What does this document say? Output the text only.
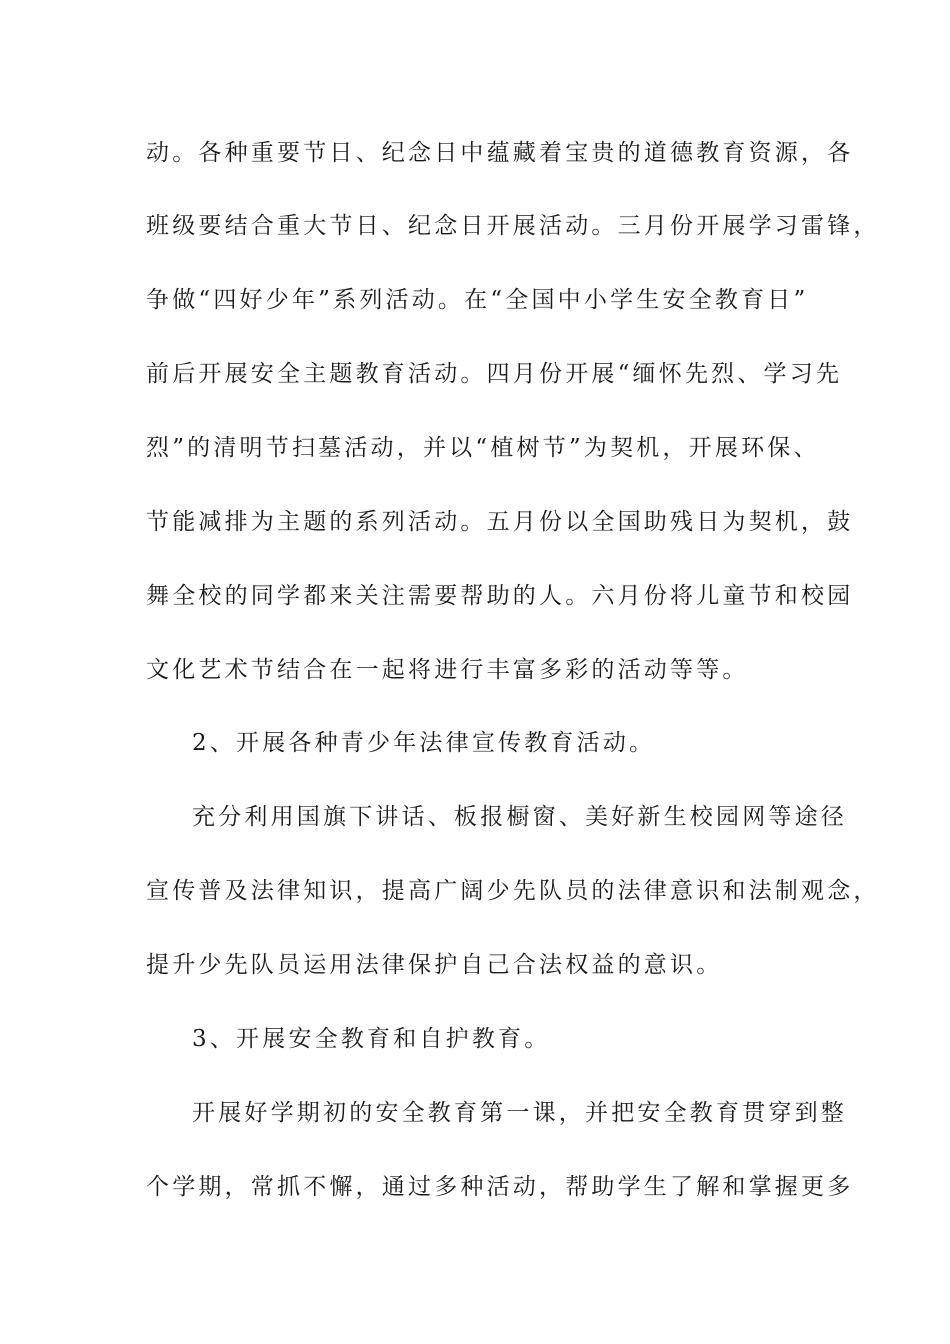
动。各种重要节日、纪念日中蕴藏着宝贵的道德教育资源，各
班级要结合重大节日、纪念日开展活动。三月份开展学习雷锋，
争做“四好少年”系列活动。在“全国中小学生安全教育日”
前后开展安全主题教育活动。四月份开展“缅怀先烈、学习先
烈”的清明节扫墓活动，并以“植树节”为契机，开展环保、
节能减排为主题的系列活动。五月份以全国助残日为契机，鼓
舞全校的同学都来关注需要帮助的人。六月份将儿童节和校园
文化艺术节结合在一起将进行丰富多彩的活动等等。
2、开展各种青少年法律宣传教育活动。
充分利用国旗下讲话、板报橱窗、美好新生校园网等途径
宣传普及法律知识，提高广阔少先队员的法律意识和法制观念，
提升少先队员运用法律保护自己合法权益的意识。
3、开展安全教育和自护教育。
开展好学期初的安全教育第一课，并把安全教育贯穿到整
个学期，常抓不懈，通过多种活动，帮助学生了解和掌握更多
